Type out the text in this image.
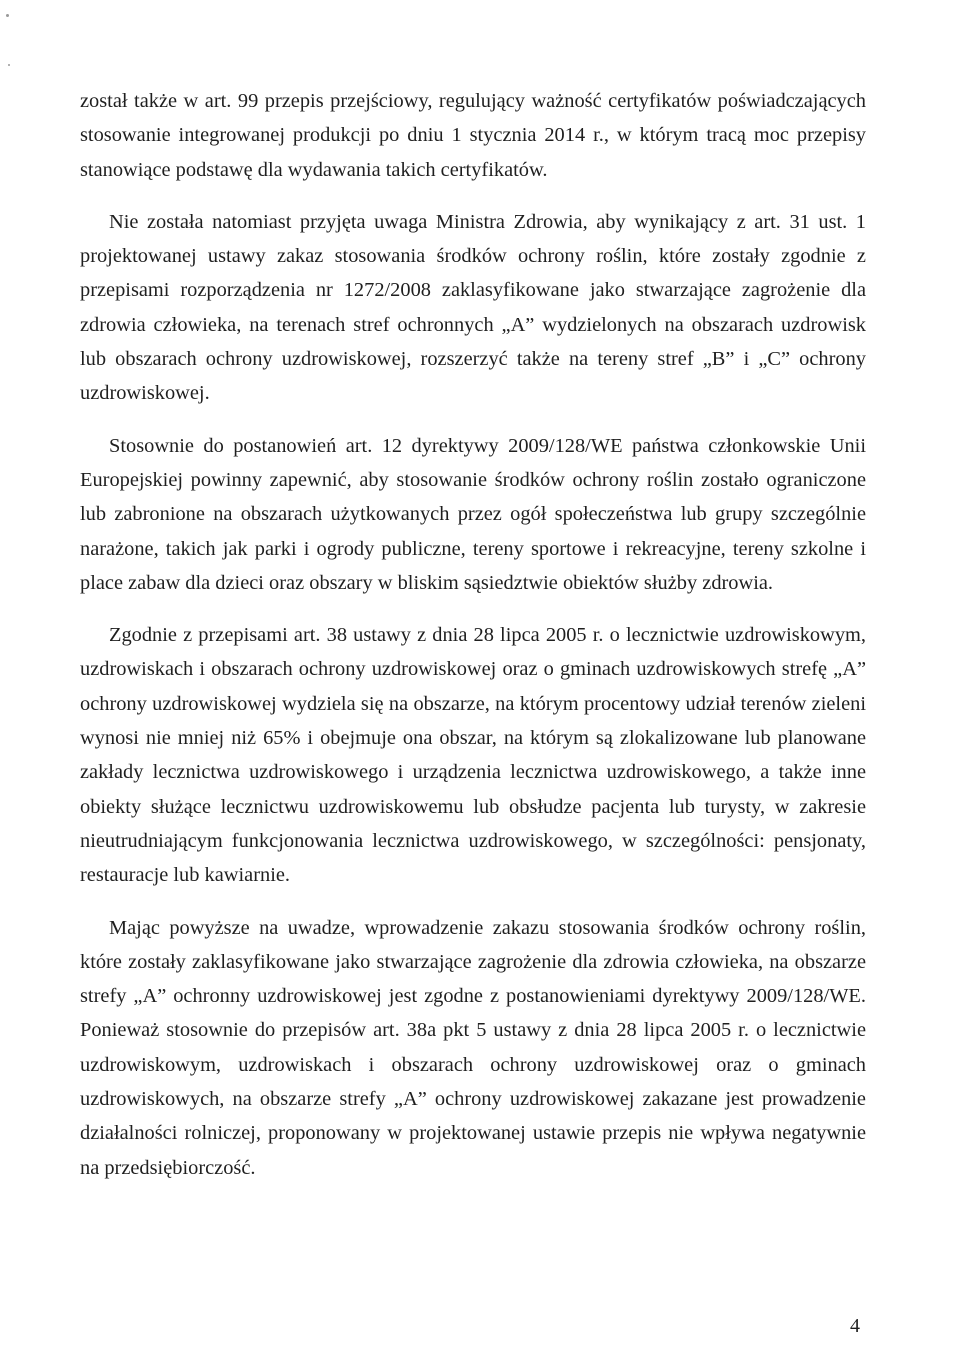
został także w art. 99 przepis przejściowy, regulujący ważność certyfikatów poświadczających stosowanie integrowanej produkcji po dniu 1 stycznia 2014 r., w którym tracą moc przepisy stanowiące podstawę dla wydawania takich certyfikatów.

Nie została natomiast przyjęta uwaga Ministra Zdrowia, aby wynikający z art. 31 ust. 1 projektowanej ustawy zakaz stosowania środków ochrony roślin, które zostały zgodnie z przepisami rozporządzenia nr 1272/2008 zaklasyfikowane jako stwarzające zagrożenie dla zdrowia człowieka, na terenach stref ochronnych „A” wydzielonych na obszarach uzdrowisk lub obszarach ochrony uzdrowiskowej, rozszerzyć także na tereny stref „B” i „C” ochrony uzdrowiskowej.

Stosownie do postanowień art. 12 dyrektywy 2009/128/WE państwa członkowskie Unii Europejskiej powinny zapewnić, aby stosowanie środków ochrony roślin zostało ograniczone lub zabronione na obszarach użytkowanych przez ogół społeczeństwa lub grupy szczególnie narażone, takich jak parki i ogrody publiczne, tereny sportowe i rekreacyjne, tereny szkolne i place zabaw dla dzieci oraz obszary w bliskim sąsiedztwie obiektów służby zdrowia.

Zgodnie z przepisami art. 38 ustawy z dnia 28 lipca 2005 r. o lecznictwie uzdrowiskowym, uzdrowiskach i obszarach ochrony uzdrowiskowej oraz o gminach uzdrowiskowych strefę „A” ochrony uzdrowiskowej wydziela się na obszarze, na którym procentowy udział terenów zieleni wynosi nie mniej niż 65% i obejmuje ona obszar, na którym są zlokalizowane lub planowane zakłady lecznictwa uzdrowiskowego i urządzenia lecznictwa uzdrowiskowego, a także inne obiekty służące lecznictwu uzdrowiskowemu lub obsłudze pacjenta lub turysty, w zakresie nieutrudniającym funkcjonowania lecznictwa uzdrowiskowego, w szczególności: pensjonaty, restauracje lub kawiarnie.

Mając powyższe na uwadze, wprowadzenie zakazu stosowania środków ochrony roślin, które zostały zaklasyfikowane jako stwarzające zagrożenie dla zdrowia człowieka, na obszarze strefy „A” ochronny uzdrowiskowej jest zgodne z postanowieniami dyrektywy 2009/128/WE. Ponieważ stosownie do przepisów art. 38a pkt 5 ustawy z dnia 28 lipca 2005 r. o lecznictwie uzdrowiskowym, uzdrowiskach i obszarach ochrony uzdrowiskowej oraz o gminach uzdrowiskowych, na obszarze strefy „A” ochrony uzdrowiskowej zakazane jest prowadzenie działalności rolniczej, proponowany w projektowanej ustawie przepis nie wpływa negatywnie na przedsiębiorczość.

4
